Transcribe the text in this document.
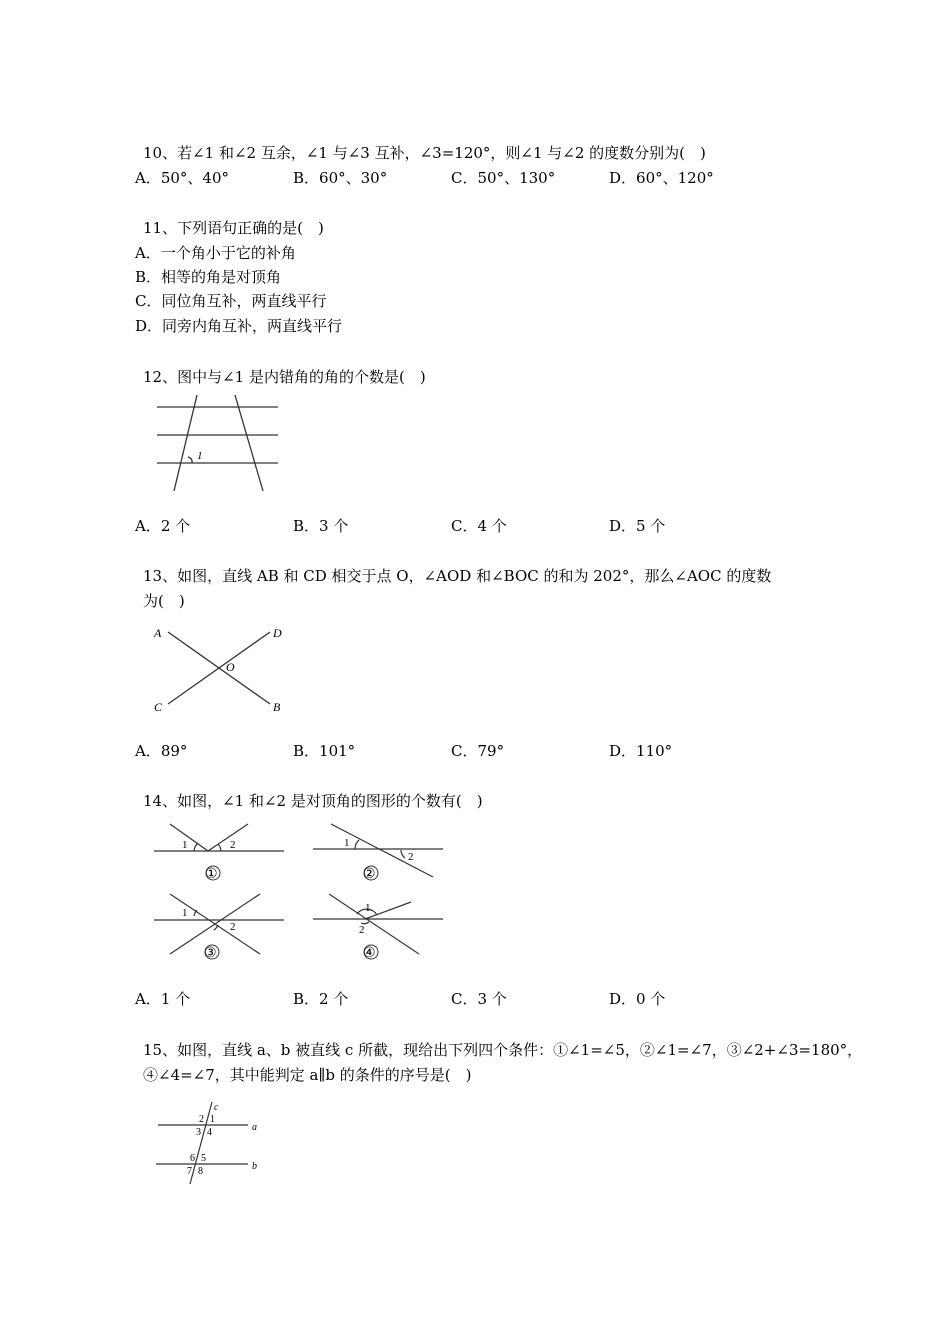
10、若∠1 和∠2 互余，∠1 与∠3 互补，∠3=120°，则∠1 与∠2 的度数分别为(　)
A．50°、40°	B．60°、30°	C．50°、130°	D．60°、120°
11、下列语句正确的是(　)
A．一个角小于它的补角
B．相等的角是对顶角
C．同位角互补，两直线平行
D．同旁内角互补，两直线平行
12、图中与∠1 是内错角的角的个数是(　)
1
A．2 个	B．3 个	C．4 个	D．5 个
13、如图，直线 AB 和 CD 相交于点 O，∠AOD 和∠BOC 的和为 202°，那么∠AOC 的度数
为(　)
A	D
O
C	B
A．89°	B．101°	C．79°	D．110°
14、如图，∠1 和∠2 是对顶角的图形的个数有(　)
1	2
①
1
2
②
1
2
③
1
2
④
A．1 个	B．2 个	C．3 个	D．0 个
15、如图，直线 a、b 被直线 c 所截，现给出下列四个条件：①∠1=∠5，②∠1=∠7，③∠2+∠3=180°，
④∠4=∠7，其中能判定 a∥b 的条件的序号是(　)
c
2 1
3 4	a
6 5
7 8	b
